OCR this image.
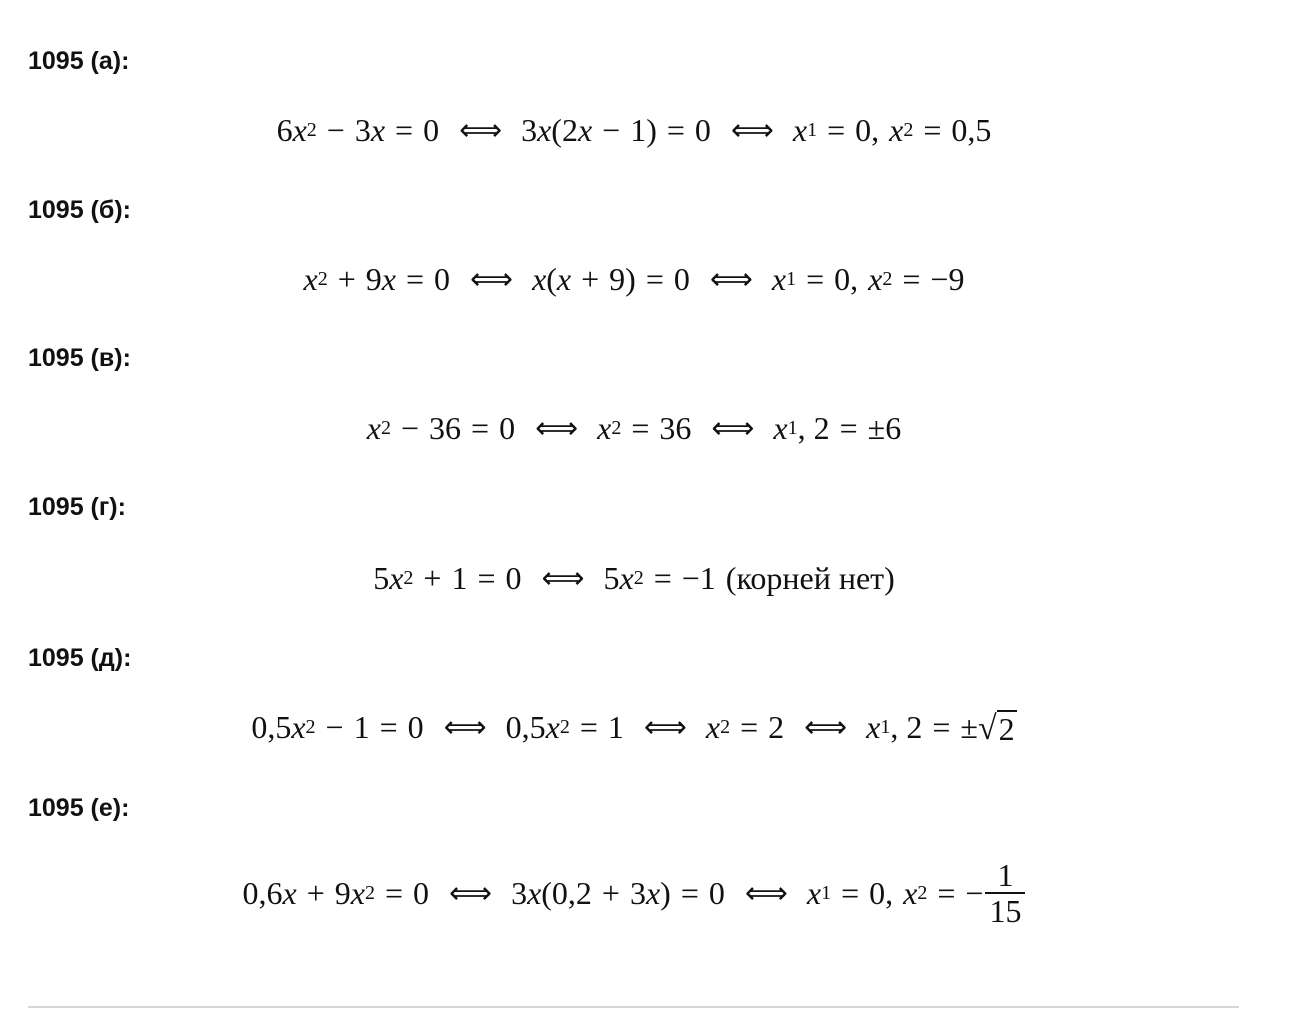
1095 (а):
6 x 2 − 3 x = 0 ⟺ 3 x (2 x − 1) = 0 ⟺ x 1 = 0, x 2 = 0,5
1095 (б):
x 2 + 9 x = 0 ⟺ x ( x + 9) = 0 ⟺ x 1 = 0, x 2 = −9
1095 (в):
x 2 − 36 = 0 ⟺ x 2 = 36 ⟺ x 1 , 2 = ±6
1095 (г):
5 x 2 + 1 = 0 ⟺ 5 x 2 = −1 (корней нет)
1095 (д):
0,5 x 2 − 1 = 0 ⟺ 0,5 x 2 = 1 ⟺ x 2 = 2 ⟺ x 1 , 2 = ± √ 2
1095 (е):
0,6 x + 9 x 2 = 0 ⟺ 3 x (0,2 + 3 x ) = 0 ⟺ x 1 = 0, x 2 = − $\frac{1}{15}$
